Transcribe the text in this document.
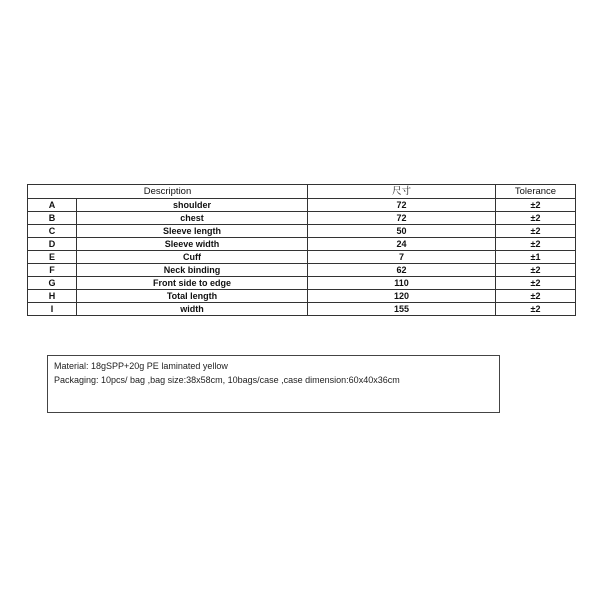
Description		尺寸	Tolerance
A	shoulder	72	±2
B	chest	72	±2
C	Sleeve length	50	±2
D	Sleeve width	24	±2
E	Cuff	7	±1
F	Neck binding	62	±2
G	Front side to edge	110	±2
H	Total length	120	±2
I	width	155	±2
Material: 18gSPP+20g PE laminated yellow
Packaging: 10pcs/ bag ,bag size:38x58cm, 10bags/case ,case dimension:60x40x36cm
